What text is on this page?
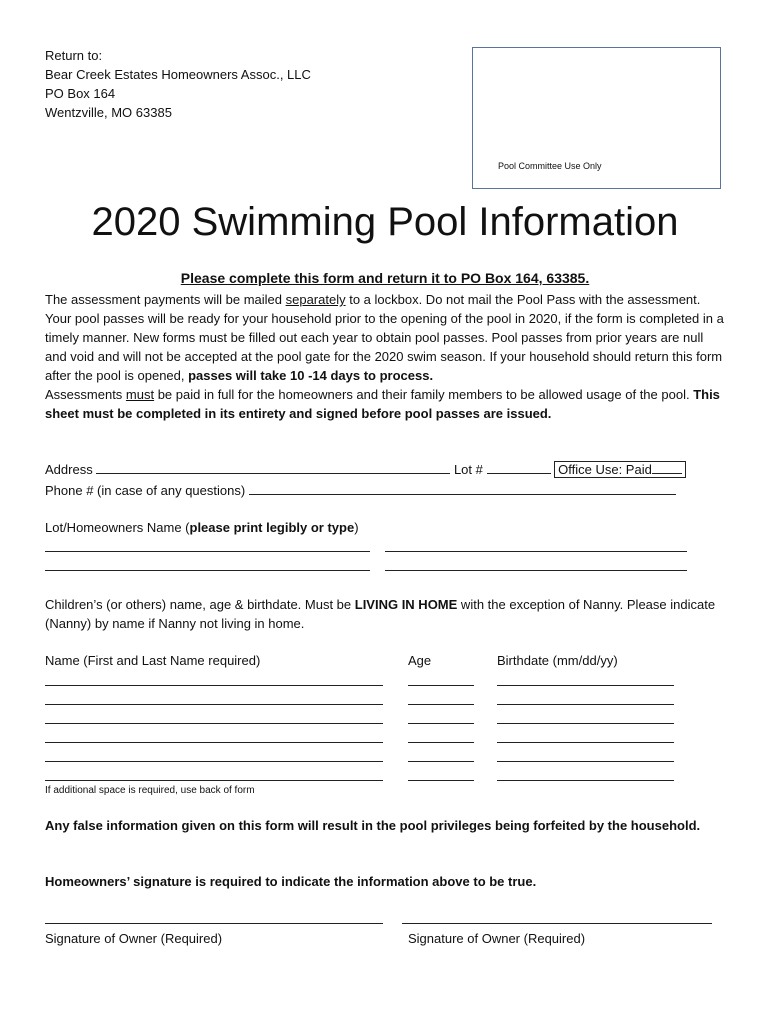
Return to:
Bear Creek Estates Homeowners Assoc., LLC
PO Box 164
Wentzville, MO 63385
Pool Committee Use Only
2020 Swimming Pool Information
Please complete this form and return it to PO Box 164, 63385.

The assessment payments will be mailed separately to a lockbox. Do not mail the Pool Pass with the assessment.

Your pool passes will be ready for your household prior to the opening of the pool in 2020, if the form is completed in a timely manner. New forms must be filled out each year to obtain pool passes. Pool passes from prior years are null and void and will not be accepted at the pool gate for the 2020 swim season. If your household should return this form after the pool is opened, passes will take 10 -14 days to process.

Assessments must be paid in full for the homeowners and their family members to be allowed usage of the pool. This sheet must be completed in its entirety and signed before pool passes are issued.

Address	Lot #	Office Use: Paid
Phone # (in case of any questions)
Lot/Homeowners Name (please print legibly or type)
Children’s (or others) name, age & birthdate. Must be LIVING IN HOME with the exception of Nanny. Please indicate (Nanny) by name if Nanny not living in home.
Name (First and Last Name required)	Age	Birthdate (mm/dd/yy)
If additional space is required, use back of form
Any false information given on this form will result in the pool privileges being forfeited by the household.
Homeowners’ signature is required to indicate the information above to be true.
Signature of Owner (Required)	Signature of Owner (Required)
